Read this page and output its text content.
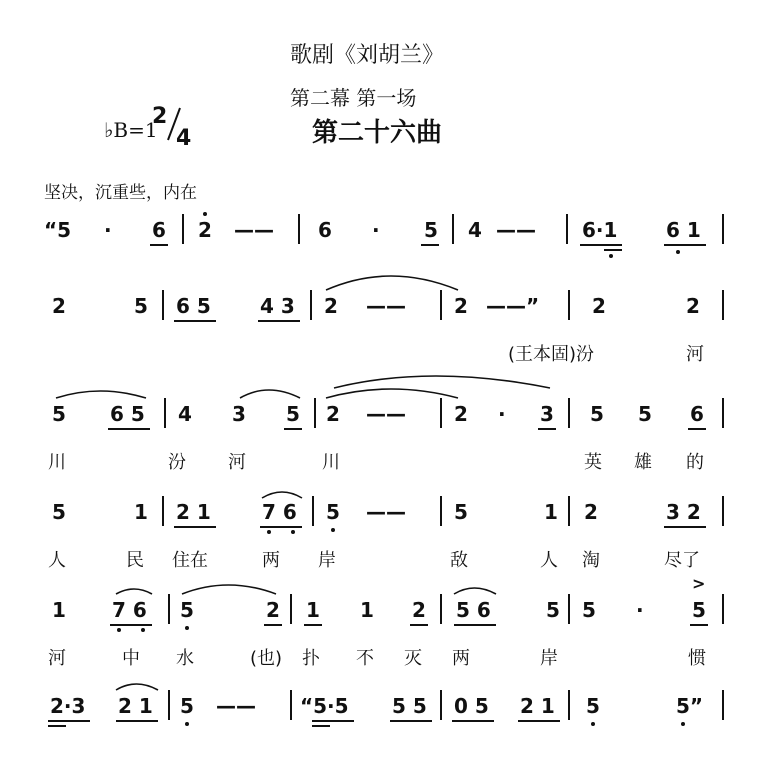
歌剧《刘胡兰》
第二幕 第一场
第二十六曲
♭B=1
2
4
坚决，沉重些，内在
“5 · 6 2 —— 6 · 5 4 —— 6·1 6 1
2	5 6 5 4 3 2 —— 2 ——”	2	2
(王本固)汾	河
5 6 5 4 3 5 2 —— 2 · 3 5 5 6
川	汾 河	川	英 雄 的
5	1 2 1	7 6 5 —— 5	1 2	3 2
人	民 住在	两 岸	敌	人 淘	尽了
1 7 6 5	2 1 1 2 5 6	5 5 ·
>
5
河	中 水	(也) 扑 不 灭 两	岸	惯
2·3 2 1 5 —— “5·5 5 5 0 5 2 1 5	5”
